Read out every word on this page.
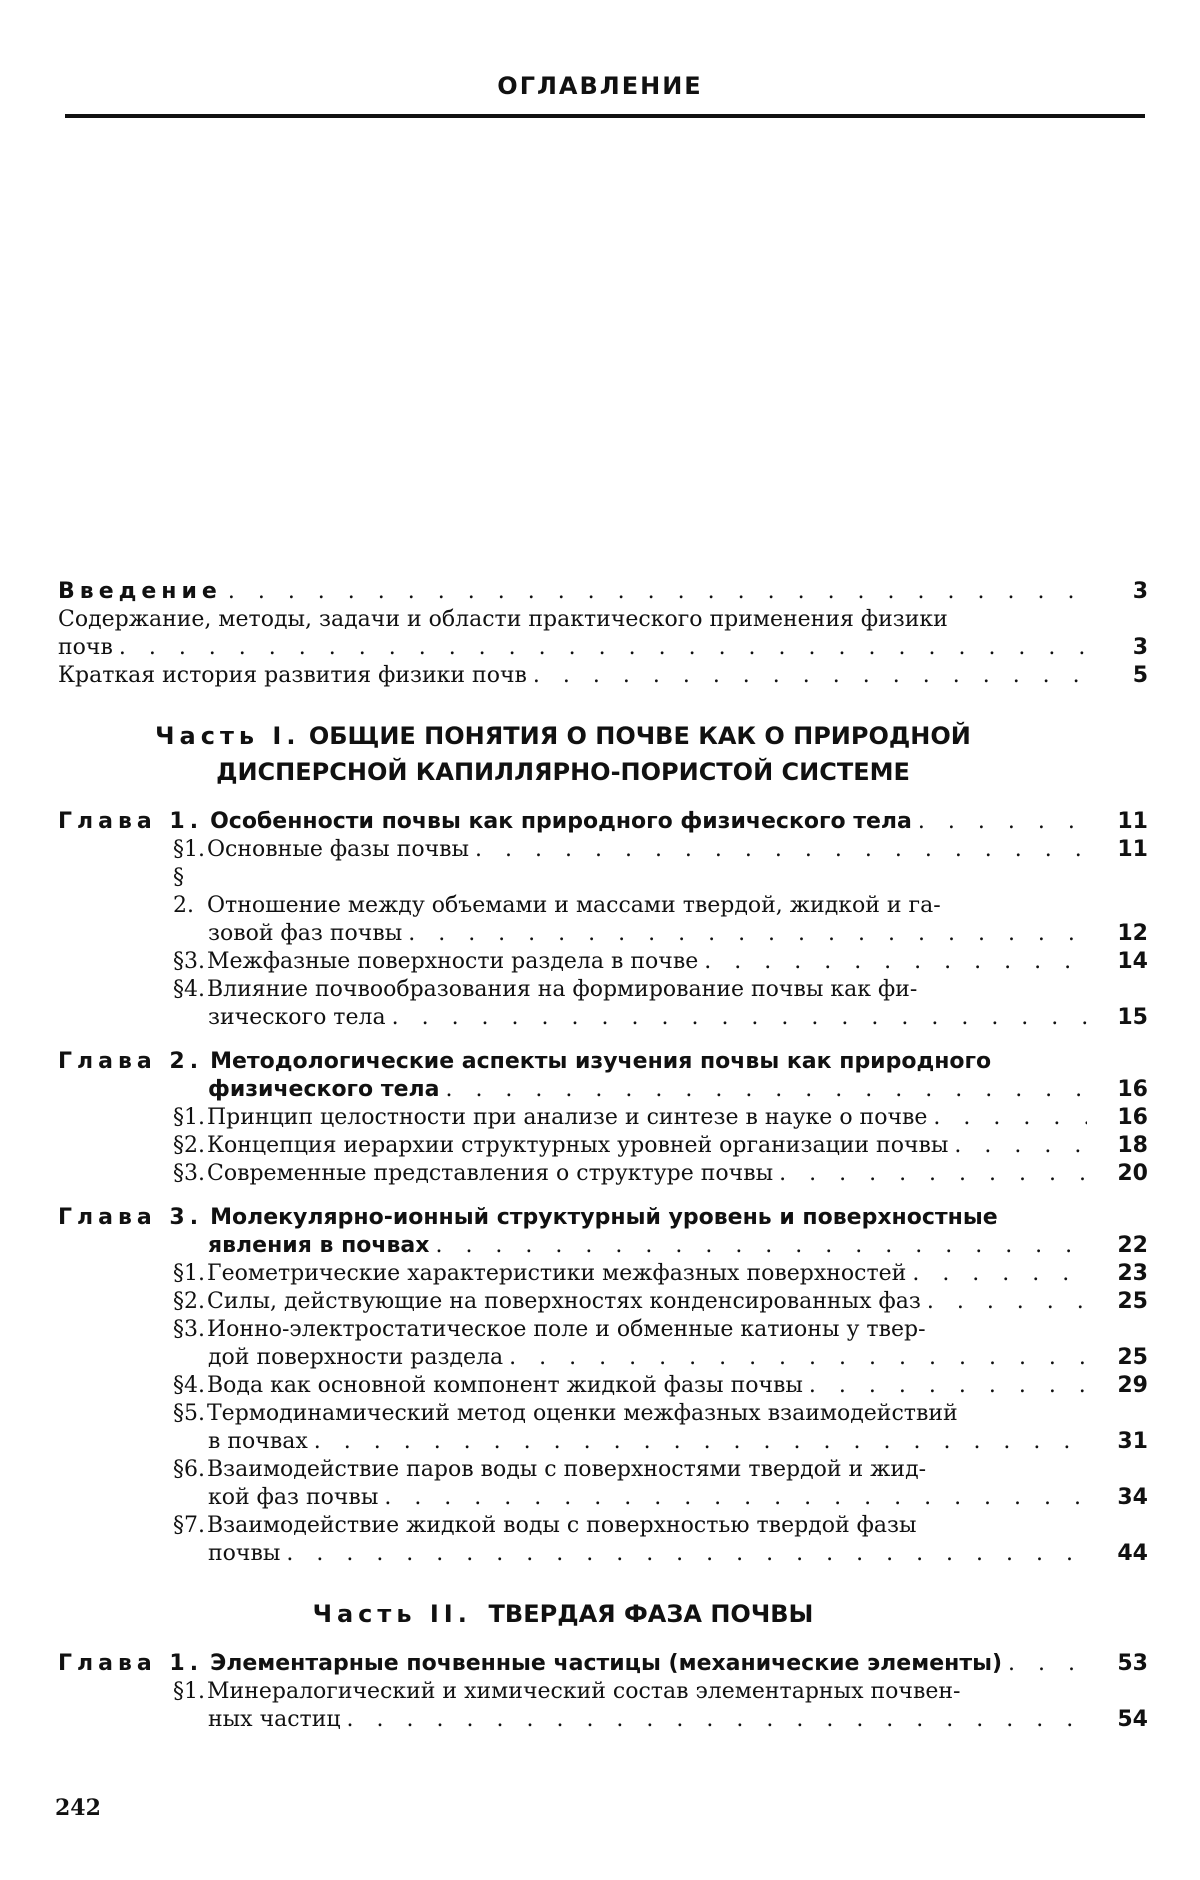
ОГЛАВЛЕНИЕ
Введение
. . .	3
Содержание, методы, задачи и области практического применения физики
почв
. . .	3
Краткая история развития физики почв
. . .	5
Часть I. ОБЩИЕ ПОНЯТИЯ О ПОЧВЕ КАК О ПРИРОДНОЙ
ДИСПЕРСНОЙ КАПИЛЛЯРНО-ПОРИСТОЙ СИСТЕМЕ
Глава 1. Особенности почвы как природного физического тела
. . .	11
§1.Основные фазы почвы
. . .	11
§ 2. Отношение между объемами и массами твердой, жидкой и га-
зовой фаз почвы
. . .	12
§3.Межфазные поверхности раздела в почве
. . .	14
§4.Влияние почвообразования на формирование почвы как фи-
зического тела
. . .	15
Глава 2. Методологические аспекты изучения почвы как природного
физического тела
. . .	16
§1.Принцип целостности при анализе и синтезе в науке о почве
. . .	16
§2.Концепция иерархии структурных уровней организации почвы
. . .	18
§3.Современные представления о структуре почвы
. . .	20
Глава 3. Молекулярно-ионный структурный уровень и поверхностные
явления в почвах
. . .	22
§1.Геометрические характеристики межфазных поверхностей
. . .	23
§2.Силы, действующие на поверхностях конденсированных фаз
. . .	25
§3.Ионно-электростатическое поле и обменные катионы у твер-
дой поверхности раздела
. . .	25
§4.Вода как основной компонент жидкой фазы почвы
. . .	29
§5.Термодинамический метод оценки межфазных взаимодействий
в почвах
. . .	31
§6.Взаимодействие паров воды с поверхностями твердой и жид-
кой фаз почвы
. . .	34
§7.Взаимодействие жидкой воды с поверхностью твердой фазы
почвы
. . .	44
Часть II. ТВЕРДАЯ ФАЗА ПОЧВЫ
Глава 1. Элементарные почвенные частицы (механические элементы)
. . .	53
§1.Минералогический и химический состав элементарных почвен-
ных частиц
. . .	54
242
